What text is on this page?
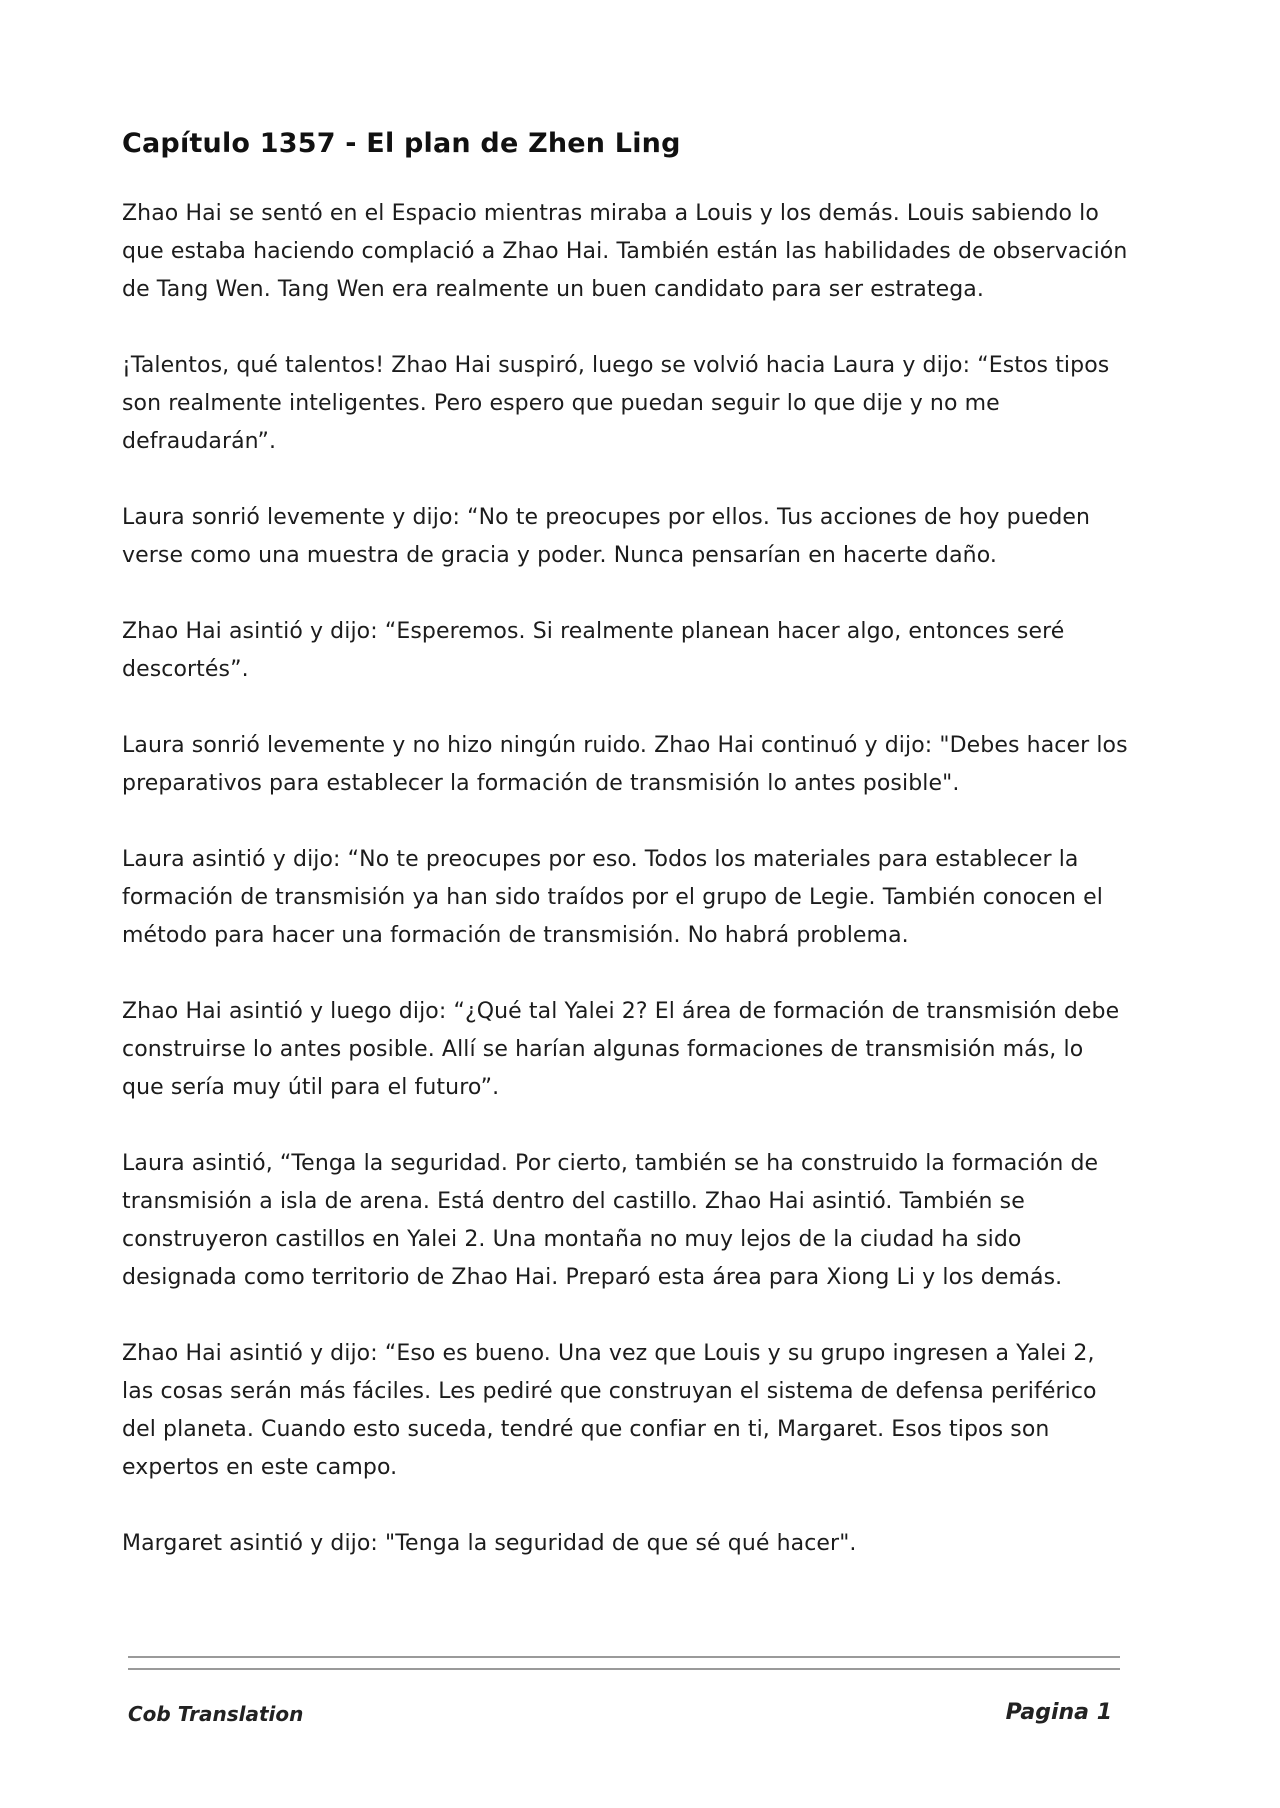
Capítulo 1357 - El plan de Zhen Ling

Zhao Hai se sentó en el Espacio mientras miraba a Louis y los demás. Louis sabiendo lo que estaba haciendo complació a Zhao Hai. También están las habilidades de observación de Tang Wen. Tang Wen era realmente un buen candidato para ser estratega.

¡Talentos, qué talentos! Zhao Hai suspiró, luego se volvió hacia Laura y dijo: “Estos tipos son realmente inteligentes. Pero espero que puedan seguir lo que dije y no me defraudarán”.

Laura sonrió levemente y dijo: “No te preocupes por ellos. Tus acciones de hoy pueden verse como una muestra de gracia y poder. Nunca pensarían en hacerte daño.

Zhao Hai asintió y dijo: “Esperemos. Si realmente planean hacer algo, entonces seré descortés”.

Laura sonrió levemente y no hizo ningún ruido. Zhao Hai continuó y dijo: "Debes hacer los preparativos para establecer la formación de transmisión lo antes posible".

Laura asintió y dijo: “No te preocupes por eso. Todos los materiales para establecer la formación de transmisión ya han sido traídos por el grupo de Legie. También conocen el método para hacer una formación de transmisión. No habrá problema.

Zhao Hai asintió y luego dijo: “¿Qué tal Yalei 2? El área de formación de transmisión debe construirse lo antes posible. Allí se harían algunas formaciones de transmisión más, lo que sería muy útil para el futuro”.

Laura asintió, “Tenga la seguridad. Por cierto, también se ha construido la formación de transmisión a isla de arena. Está dentro del castillo. Zhao Hai asintió. También se construyeron castillos en Yalei 2. Una montaña no muy lejos de la ciudad ha sido designada como territorio de Zhao Hai. Preparó esta área para Xiong Li y los demás.

Zhao Hai asintió y dijo: “Eso es bueno. Una vez que Louis y su grupo ingresen a Yalei 2, las cosas serán más fáciles. Les pediré que construyan el sistema de defensa periférico del planeta. Cuando esto suceda, tendré que confiar en ti, Margaret. Esos tipos son expertos en este campo.

Margaret asintió y dijo: "Tenga la seguridad de que sé qué hacer".

Cob Translation	Pagina 1
